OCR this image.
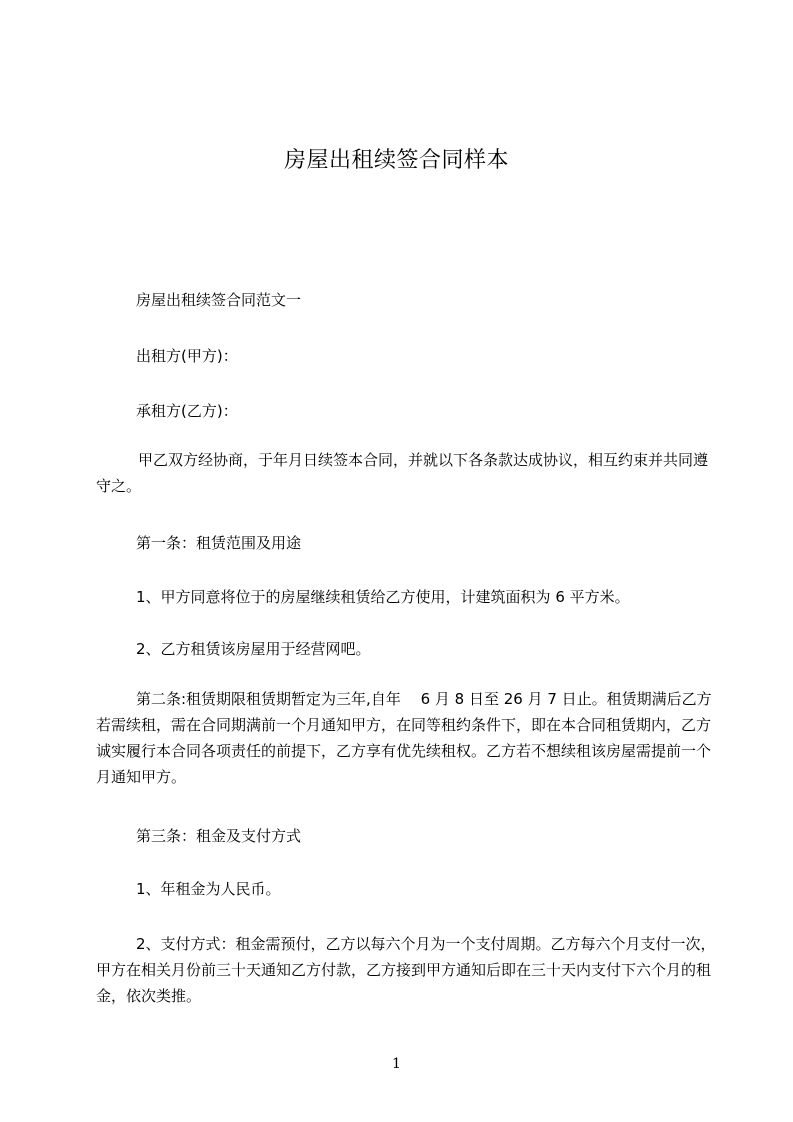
房屋出租续签合同样本
房屋出租续签合同范文一
出租方(甲方)：
承租方(乙方)：
甲乙双方经协商，于年月日续签本合同，并就以下各条款达成协议，相互约束并共同遵守之。
第一条：租赁范围及用途
1、甲方同意将位于的房屋继续租赁给乙方使用，计建筑面积为 6 平方米。
2、乙方租赁该房屋用于经营网吧。
第二条:租赁期限租赁期暂定为三年,自年　 6 月 8 日至 26 月 7 日止。租赁期满后乙方若需续租，需在合同期满前一个月通知甲方，在同等租约条件下，即在本合同租赁期内，乙方诚实履行本合同各项责任的前提下，乙方享有优先续租权。乙方若不想续租该房屋需提前一个月通知甲方。
第三条：租金及支付方式
1、年租金为人民币。
2、支付方式：租金需预付，乙方以每六个月为一个支付周期。乙方每六个月支付一次，甲方在相关月份前三十天通知乙方付款，乙方接到甲方通知后即在三十天内支付下六个月的租金，依次类推。
1
